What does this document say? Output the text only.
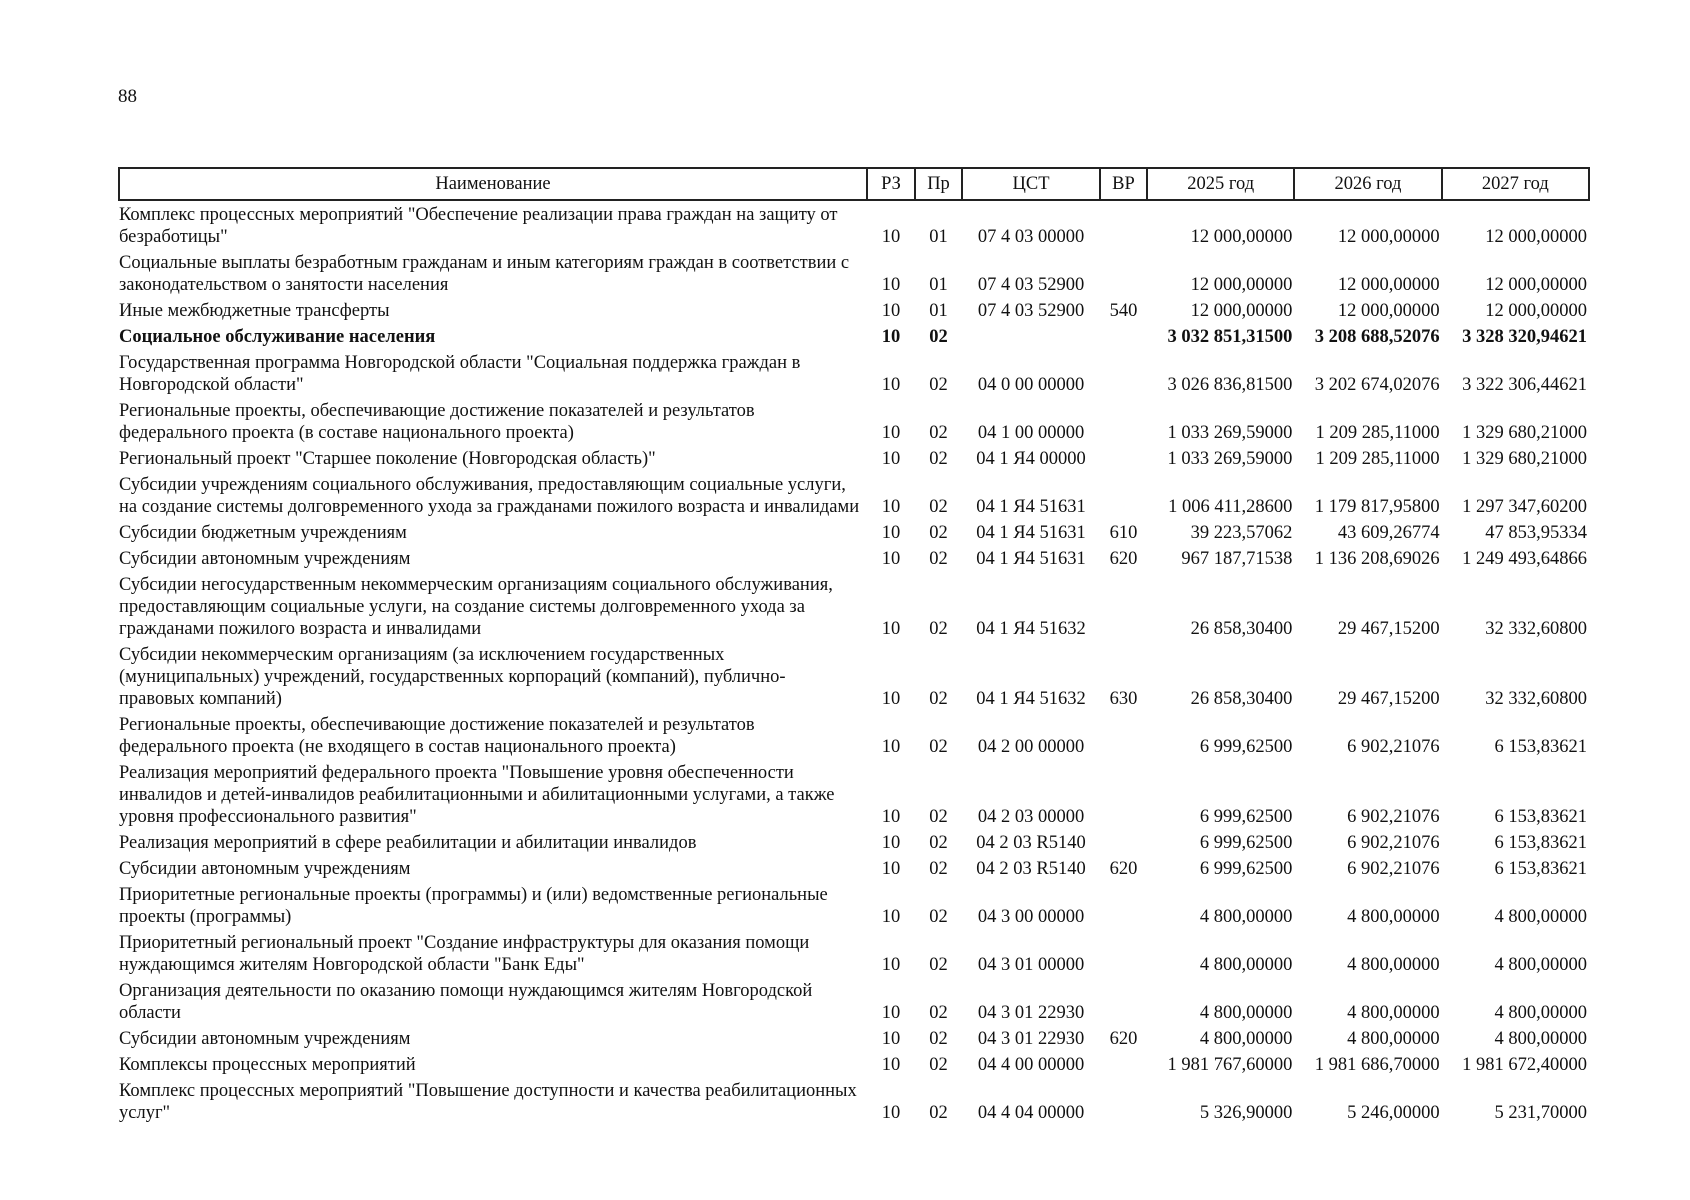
88
Наименование	РЗ	Пр	ЦСТ	ВР	2025 год	2026 год	2027 год
Комплекс процессных мероприятий "Обеспечение реализации права граждан на защиту от безработицы"	10	01	07 4 03 00000		12 000,00000	12 000,00000	12 000,00000
Социальные выплаты безработным гражданам и иным категориям граждан в соответствии с законодательством о занятости населения	10	01	07 4 03 52900		12 000,00000	12 000,00000	12 000,00000
Иные межбюджетные трансферты	10	01	07 4 03 52900	540	12 000,00000	12 000,00000	12 000,00000
Социальное обслуживание населения	10	02			3 032 851,31500	3 208 688,52076	3 328 320,94621
Государственная программа Новгородской области "Социальная поддержка граждан в Новгородской области"	10	02	04 0 00 00000		3 026 836,81500	3 202 674,02076	3 322 306,44621
Региональные проекты, обеспечивающие достижение показателей и результатов федерального проекта (в составе национального проекта)	10	02	04 1 00 00000		1 033 269,59000	1 209 285,11000	1 329 680,21000
Региональный проект "Старшее поколение (Новгородская область)"	10	02	04 1 Я4 00000		1 033 269,59000	1 209 285,11000	1 329 680,21000
Субсидии учреждениям социального обслуживания, предоставляющим социальные услуги, на создание системы долговременного ухода за гражданами пожилого возраста и инвалидами	10	02	04 1 Я4 51631		1 006 411,28600	1 179 817,95800	1 297 347,60200
Субсидии бюджетным учреждениям	10	02	04 1 Я4 51631	610	39 223,57062	43 609,26774	47 853,95334
Субсидии автономным учреждениям	10	02	04 1 Я4 51631	620	967 187,71538	1 136 208,69026	1 249 493,64866
Субсидии негосударственным некоммерческим организациям социального обслуживания, предоставляющим социальные услуги, на создание системы долговременного ухода за гражданами пожилого возраста и инвалидами	10	02	04 1 Я4 51632		26 858,30400	29 467,15200	32 332,60800
Субсидии некоммерческим организациям (за исключением государственных (муниципальных) учреждений, государственных корпораций (компаний), публично-правовых компаний)	10	02	04 1 Я4 51632	630	26 858,30400	29 467,15200	32 332,60800
Региональные проекты, обеспечивающие достижение показателей и результатов федерального проекта (не входящего в состав национального проекта)	10	02	04 2 00 00000		6 999,62500	6 902,21076	6 153,83621
Реализация мероприятий федерального проекта "Повышение уровня обеспеченности инвалидов и детей-инвалидов реабилитационными и абилитационными услугами, а также уровня профессионального развития"	10	02	04 2 03 00000		6 999,62500	6 902,21076	6 153,83621
Реализация мероприятий в сфере реабилитации и абилитации инвалидов	10	02	04 2 03 R5140		6 999,62500	6 902,21076	6 153,83621
Субсидии автономным учреждениям	10	02	04 2 03 R5140	620	6 999,62500	6 902,21076	6 153,83621
Приоритетные региональные проекты (программы) и (или) ведомственные региональные проекты (программы)	10	02	04 3 00 00000		4 800,00000	4 800,00000	4 800,00000
Приоритетный региональный проект "Создание инфраструктуры для оказания помощи нуждающимся жителям Новгородской области "Банк Еды"	10	02	04 3 01 00000		4 800,00000	4 800,00000	4 800,00000
Организация деятельности по оказанию помощи нуждающимся жителям Новгородской области	10	02	04 3 01 22930		4 800,00000	4 800,00000	4 800,00000
Субсидии автономным учреждениям	10	02	04 3 01 22930	620	4 800,00000	4 800,00000	4 800,00000
Комплексы процессных мероприятий	10	02	04 4 00 00000		1 981 767,60000	1 981 686,70000	1 981 672,40000
Комплекс процессных мероприятий "Повышение доступности и качества реабилитационных услуг"	10	02	04 4 04 00000		5 326,90000	5 246,00000	5 231,70000
